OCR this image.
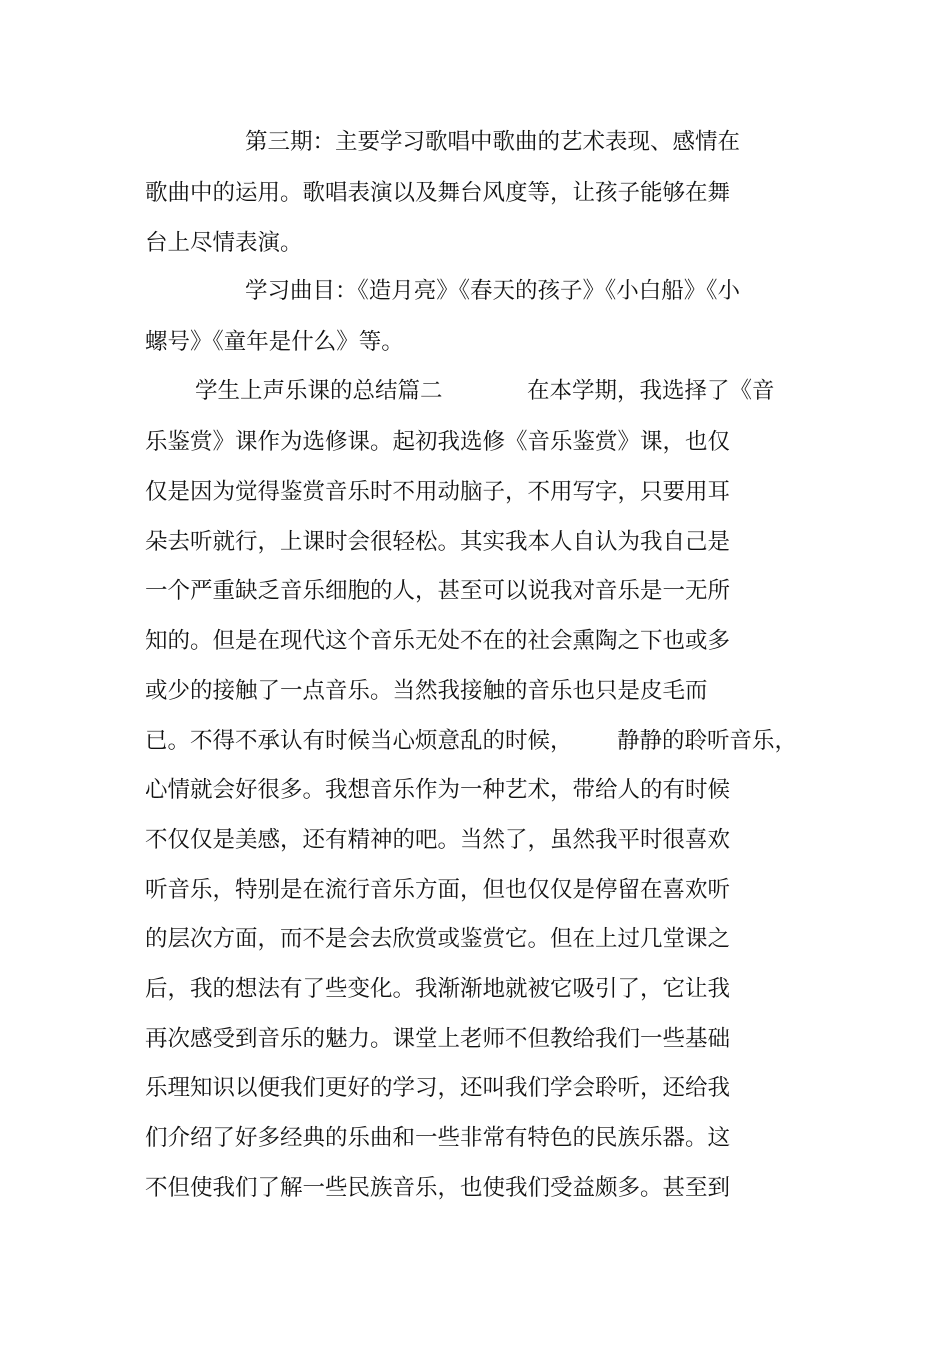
第三期：主要学习歌唱中歌曲的艺术表现、感情在
歌曲中的运用。歌唱表演以及舞台风度等，让孩子能够在舞
台上尽情表演。
学习曲目：《造月亮》《春天的孩子》《小白船》《小
螺号》《童年是什么》等。
学生上声乐课的总结篇二	在本学期，我选择了《音
乐鉴赏》课作为选修课。起初我选修《音乐鉴赏》课，也仅
仅是因为觉得鉴赏音乐时不用动脑子，不用写字，只要用耳
朵去听就行，上课时会很轻松。其实我本人自认为我自己是
一个严重缺乏音乐细胞的人，甚至可以说我对音乐是一无所
知的。但是在现代这个音乐无处不在的社会熏陶之下也或多
或少的接触了一点音乐。当然我接触的音乐也只是皮毛而
已。不得不承认有时候当心烦意乱的时候， 静静的聆听音乐，
心情就会好很多。我想音乐作为一种艺术，带给人的有时候
不仅仅是美感，还有精神的吧。当然了，虽然我平时很喜欢
听音乐，特别是在流行音乐方面，但也仅仅是停留在喜欢听
的层次方面，而不是会去欣赏或鉴赏它。但在上过几堂课之
后，我的想法有了些变化。我渐渐地就被它吸引了，它让我
再次感受到音乐的魅力。课堂上老师不但教给我们一些基础
乐理知识以便我们更好的学习，还叫我们学会聆听，还给我
们介绍了好多经典的乐曲和一些非常有特色的民族乐器。这
不但使我们了解一些民族音乐，也使我们受益颇多。甚至到
